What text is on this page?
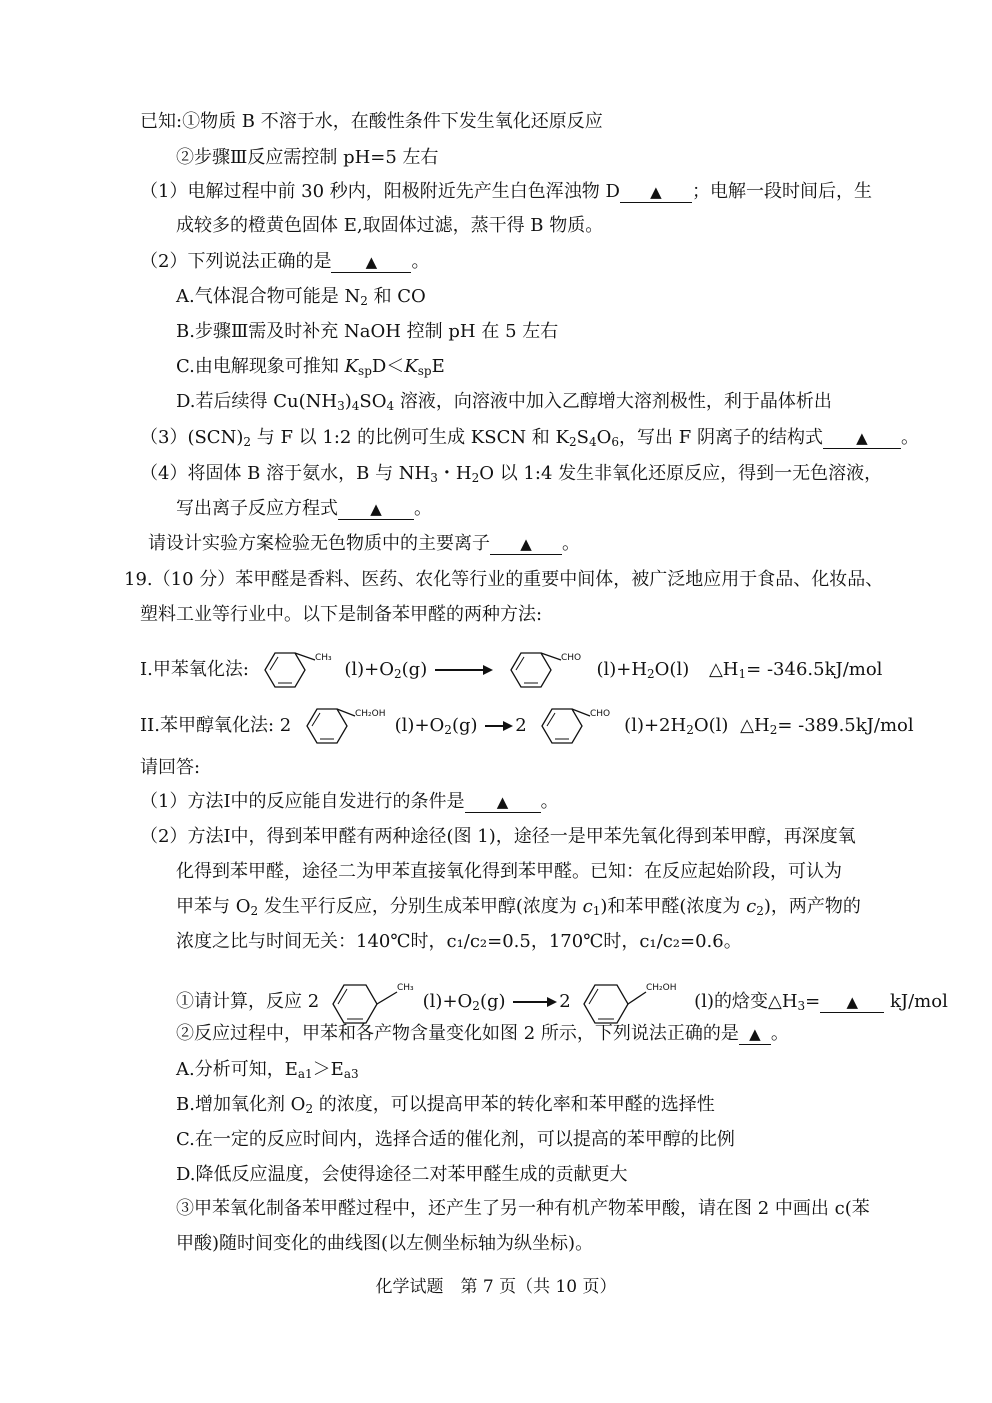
已知:①物质 B 不溶于水，在酸性条件下发生氧化还原反应
②步骤Ⅲ反应需控制 pH=5 左右
（1）电解过程中前 30 秒内，阳极附近先产生白色浑浊物 D ▲ ；电解一段时间后，生
成较多的橙黄色固体 E,取固体过滤，蒸干得 B 物质。
（2）下列说法正确的是 ▲ 。
A.气体混合物可能是 $N_2$ 和 CO
B.步骤Ⅲ需及时补充 NaOH 控制 pH 在 5 左右
C.由电解现象可推知 $K_{sp}D<K_{sp}E$
D.若后续得 $Cu(NH_3)_4SO_4$ 溶液，向溶液中加入乙醇增大溶剂极性，利于晶体析出
$(3)(SCN)_2$ 与 F 以 1:2 的比例可生成 KSCN 和 $K_2S_4O_6$，写出 F 阴离子的结构式 ▲ 。
（4）将固体 B 溶于氨水，B 与 $NH_3$・$H_2O$ 以 1:4 发生非氧化还原反应，得到一无色溶液，
写出离子反应方程式 ▲ 。
请设计实验方案检验无色物质中的主要离子 ▲ 。
19.（10 分）苯甲醛是香料、医药、农化等行业的重要中间体，被广泛地应用于食品、化妆品、
塑料工业等行业中。以下是制备苯甲醛的两种方法:
I.甲苯氧化法:
CH₃
$(l)+O_2(g)$ →
CHO
$(l)+H_2O(l)$ $\triangle H_1= -346.5kJ/mol$
II.苯甲醇氧化法: 2
CH₂OH
$(l)+O_2(g) \to 2$
CHO
$(l)+2H_2O(l)$ $\triangle H_2= -389.5kJ/mol$
请回答:
（1）方法I中的反应能自发进行的条件是 ▲ 。
（2）方法I中，得到苯甲醛有两种途径(图 1)，途径一是甲苯先氧化得到苯甲醇，再深度氧
化得到苯甲醛，途径二为甲苯直接氧化得到苯甲醛。已知：在反应起始阶段，可认为
甲苯与 $O_2$ 发生平行反应，分别生成苯甲醇(浓度为 $c_1$)和苯甲醛(浓度为 $c_2$)，两产物的
浓度之比与时间无关：140℃时，c₁/c₂=0.5，170℃时，c₁/c₂=0.6。
①请计算，反应 2
CH₃
$(l)+O_2(g) \to 2$
CH₂OH
(l)的焓变$\triangle H_3=$ ▲ kJ/mol
②反应过程中，甲苯和各产物含量变化如图 2 所示，下列说法正确的是 ▲ 。
A.分析可知，$E_{a1}>E_{a3}$
B.增加氧化剂 $O_2$ 的浓度，可以提高甲苯的转化率和苯甲醛的选择性
C.在一定的反应时间内，选择合适的催化剂，可以提高的苯甲醇的比例
D.降低反应温度，会使得途径二对苯甲醛生成的贡献更大
③甲苯氧化制备苯甲醛过程中，还产生了另一种有机产物苯甲酸，请在图 2 中画出 c(苯
甲酸)随时间变化的曲线图(以左侧坐标轴为纵坐标)。
化学试题　第 7 页（共 10 页）
